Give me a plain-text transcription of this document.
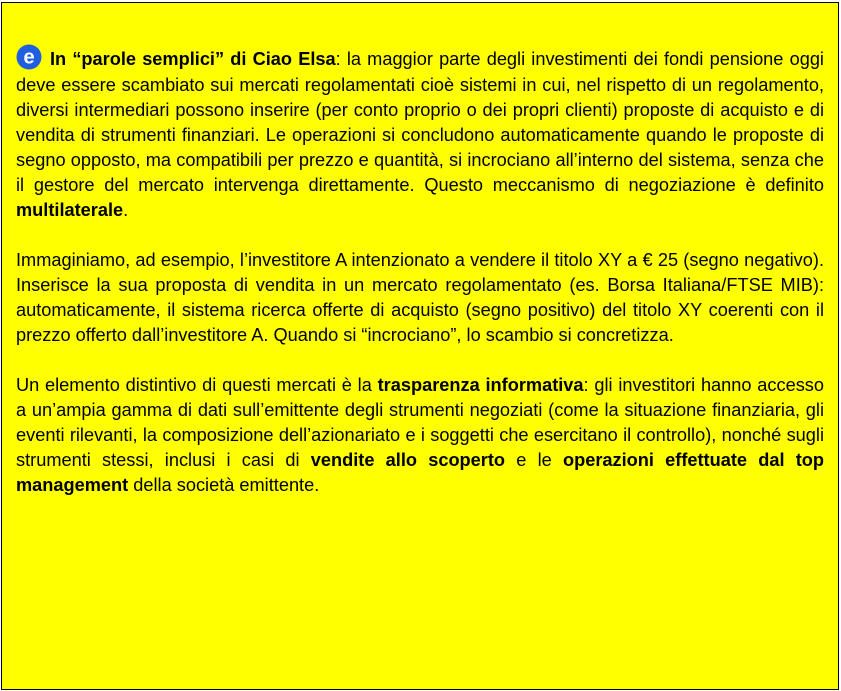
e In “parole semplici” di Ciao Elsa: la maggior parte degli investimenti dei fondi pensione oggi deve essere scambiato sui mercati regolamentati cioè sistemi in cui, nel rispetto di un regolamento, diversi intermediari possono inserire (per conto proprio o dei propri clienti) proposte di acquisto e di vendita di strumenti finanziari. Le operazioni si concludono automaticamente quando le proposte di segno opposto, ma compatibili per prezzo e quantità, si incrociano all’interno del sistema, senza che il gestore del mercato intervenga direttamente. Questo meccanismo di negoziazione è definito multilaterale.

Immaginiamo, ad esempio, l’investitore A intenzionato a vendere il titolo XY a € 25 (segno negativo). Inserisce la sua proposta di vendita in un mercato regolamentato (es. Borsa Italiana/FTSE MIB): automaticamente, il sistema ricerca offerte di acquisto (segno positivo) del titolo XY coerenti con il prezzo offerto dall’investitore A. Quando si “incrociano”, lo scambio si concretizza.

Un elemento distintivo di questi mercati è la trasparenza informativa: gli investitori hanno accesso a un’ampia gamma di dati sull’emittente degli strumenti negoziati (come la situazione finanziaria, gli eventi rilevanti, la composizione dell’azionariato e i soggetti che esercitano il controllo), nonché sugli strumenti stessi, inclusi i casi di vendite allo scoperto e le operazioni effettuate dal top management della società emittente.
